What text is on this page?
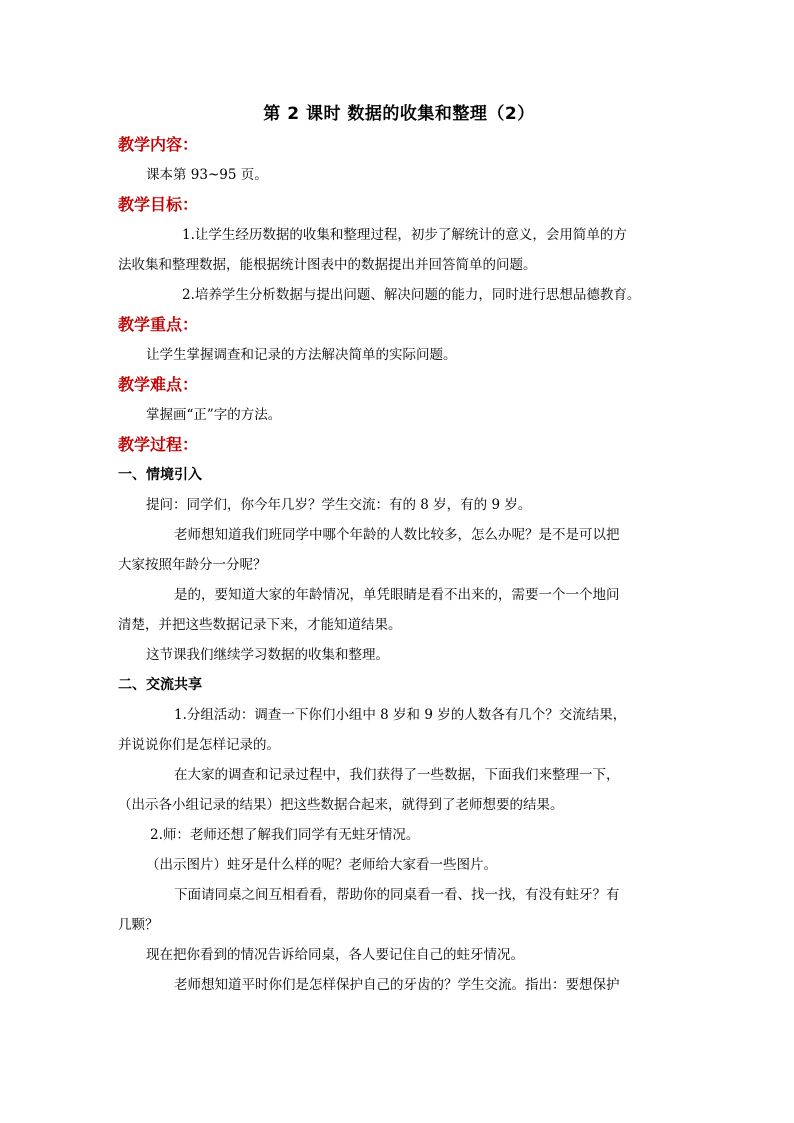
第 2 课时 数据的收集和整理（2）
教学内容：
课本第 93~95 页。
教学目标：
1.让学生经历数据的收集和整理过程，初步了解统计的意义，会用简单的方
法收集和整理数据，能根据统计图表中的数据提出并回答简单的问题。
2.培养学生分析数据与提出问题、解决问题的能力，同时进行思想品德教育。
教学重点：
让学生掌握调查和记录的方法解决简单的实际问题。
教学难点：
掌握画“正”字的方法。
教学过程：
一、情境引入
提问：同学们，你今年几岁？学生交流：有的 8 岁，有的 9 岁。
老师想知道我们班同学中哪个年龄的人数比较多，怎么办呢？是不是可以把
大家按照年龄分一分呢？
是的，要知道大家的年龄情况，单凭眼睛是看不出来的，需要一个一个地问
清楚，并把这些数据记录下来，才能知道结果。
这节课我们继续学习数据的收集和整理。
二、交流共享
1.分组活动：调查一下你们小组中 8 岁和 9 岁的人数各有几个？交流结果，
并说说你们是怎样记录的。
在大家的调查和记录过程中，我们获得了一些数据，下面我们来整理一下，
（出示各小组记录的结果）把这些数据合起来，就得到了老师想要的结果。
2.师：老师还想了解我们同学有无蛀牙情况。
（出示图片）蛀牙是什么样的呢？老师给大家看一些图片。
下面请同桌之间互相看看，帮助你的同桌看一看、找一找，有没有蛀牙？有
几颗？
现在把你看到的情况告诉给同桌，各人要记住自己的蛀牙情况。
老师想知道平时你们是怎样保护自己的牙齿的？学生交流。指出：要想保护
